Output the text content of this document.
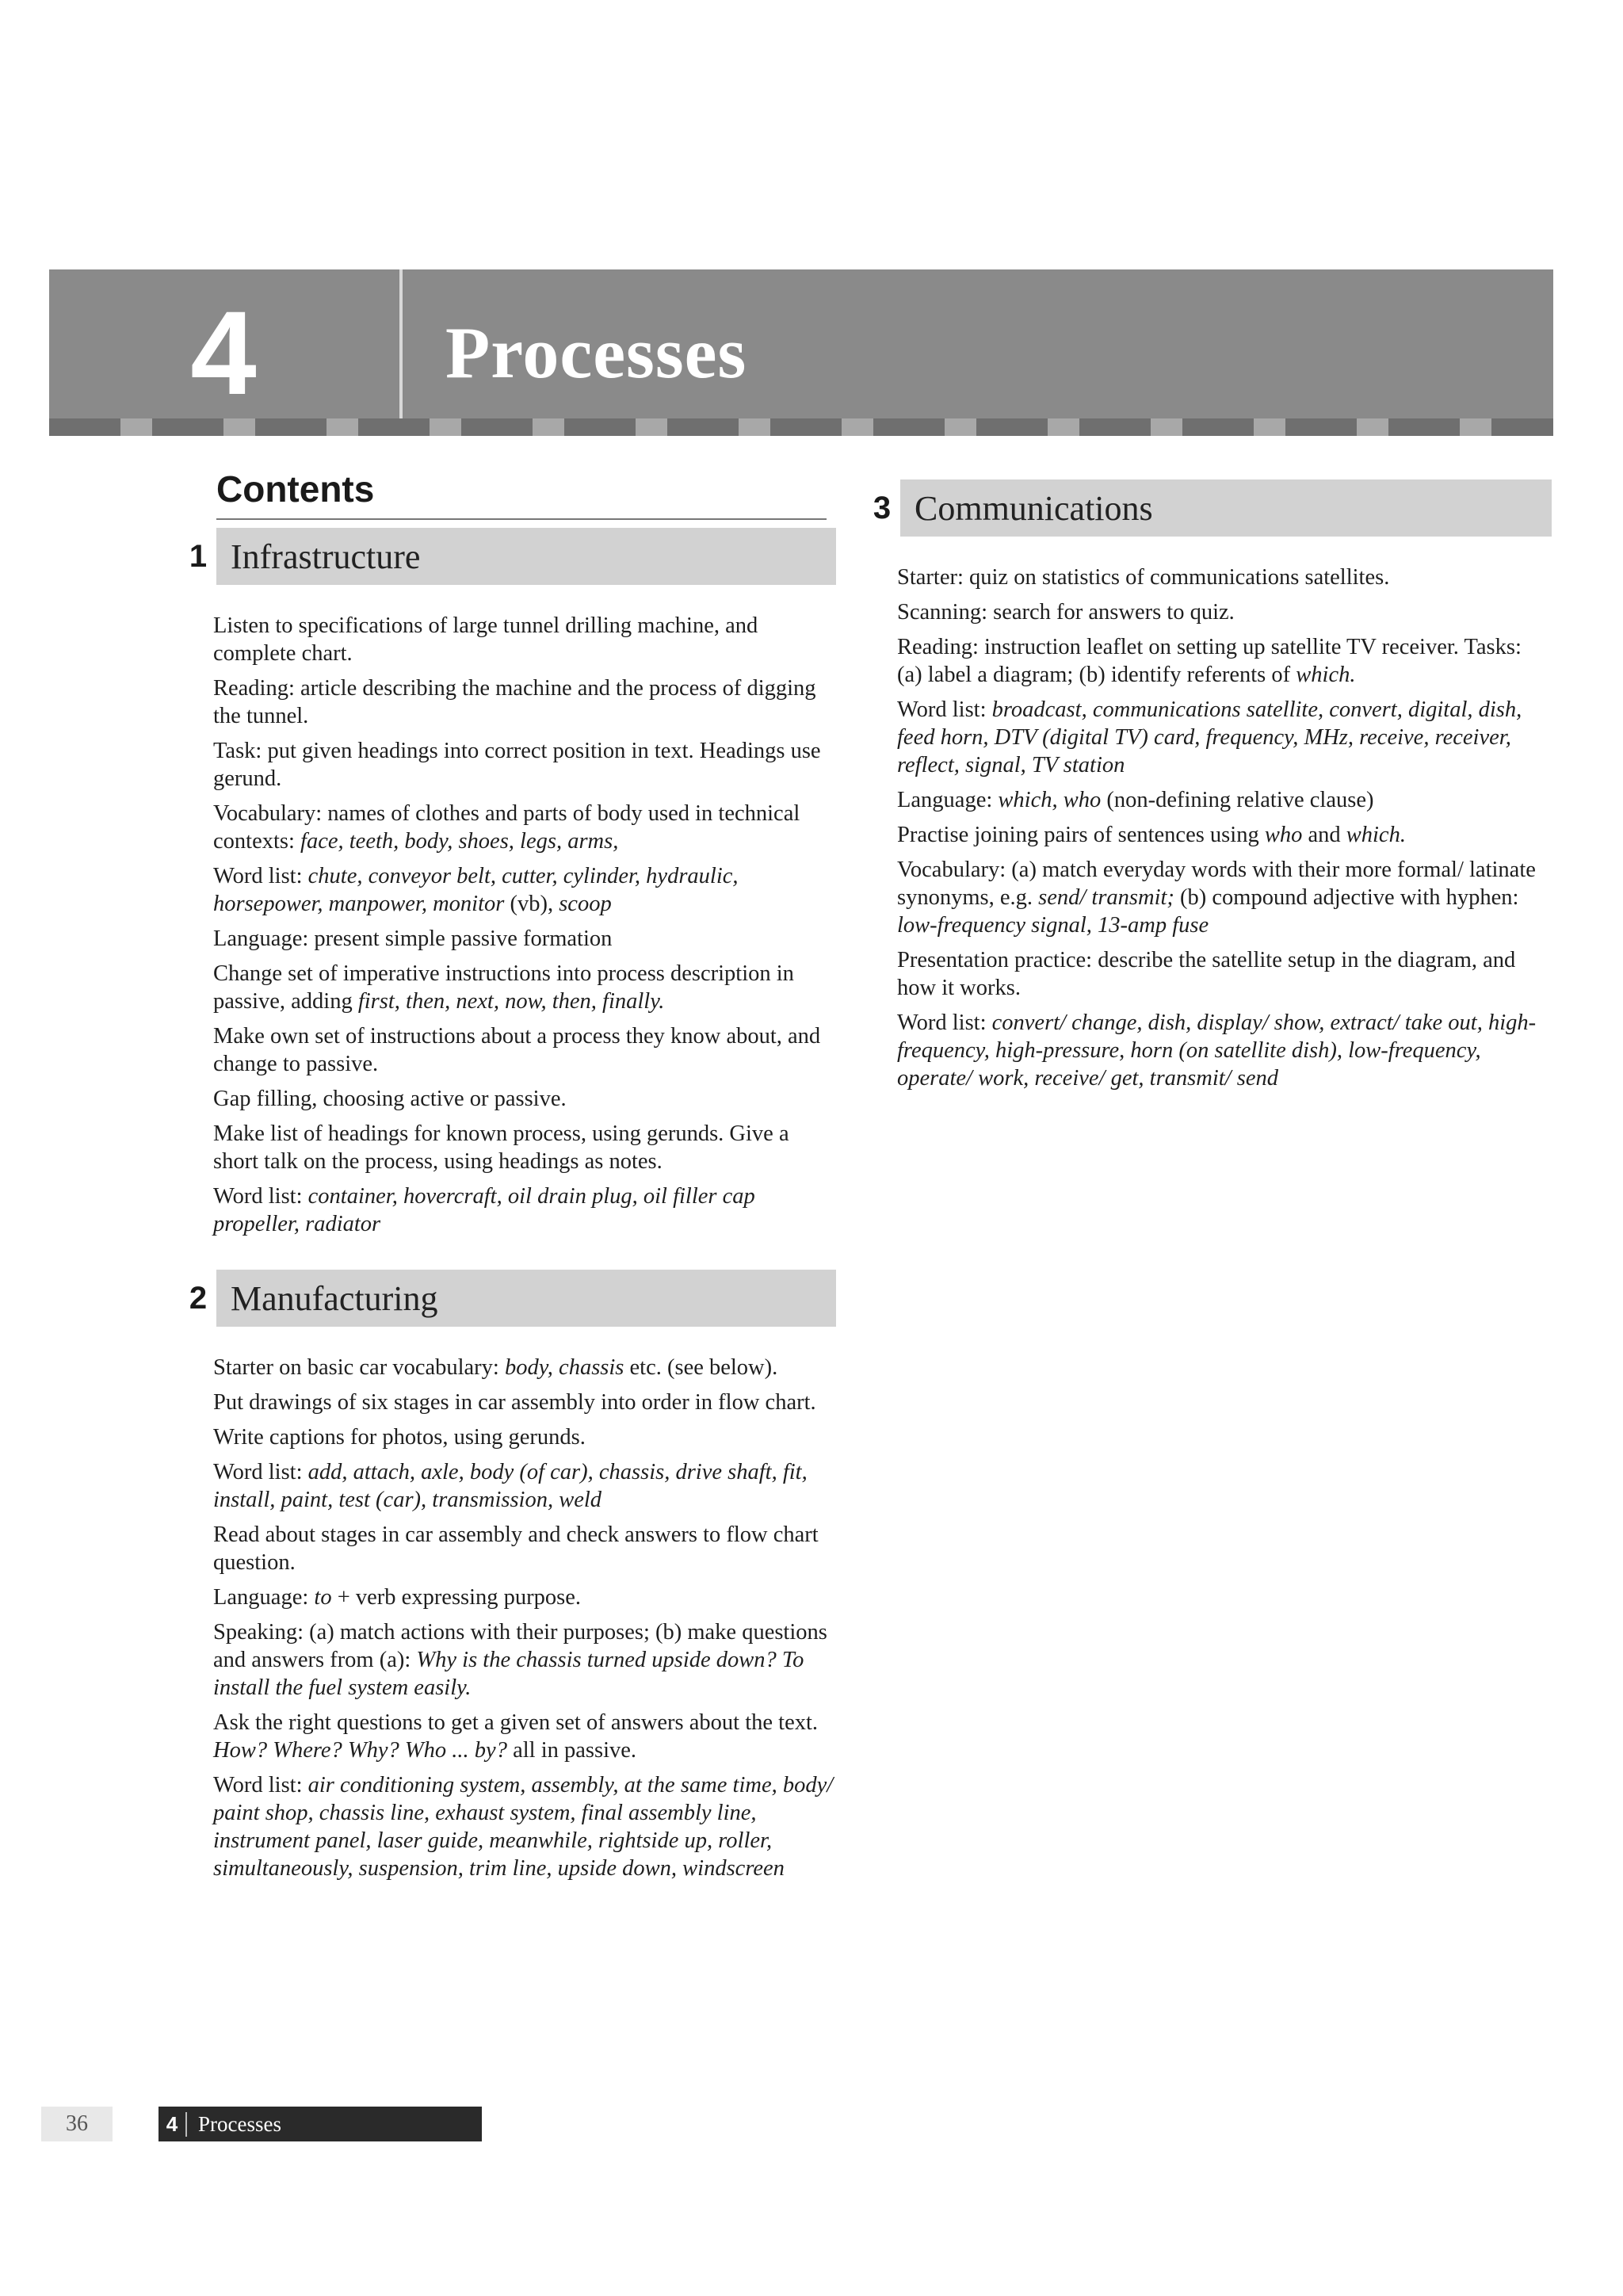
4	Processes
Contents
1 Infrastructure
Listen to specifications of large tunnel drilling machine, and complete chart.
Reading: article describing the machine and the process of digging the tunnel.
Task: put given headings into correct position in text. Headings use gerund.
Vocabulary: names of clothes and parts of body used in technical contexts: face, teeth, body, shoes, legs, arms,
Word list: chute, conveyor belt, cutter, cylinder, hydraulic, horsepower, manpower, monitor (vb), scoop
Language: present simple passive formation
Change set of imperative instructions into process description in passive, adding first, then, next, now, then, finally.
Make own set of instructions about a process they know about, and change to passive.
Gap filling, choosing active or passive.
Make list of headings for known process, using gerunds. Give a short talk on the process, using headings as notes.
Word list: container, hovercraft, oil drain plug, oil filler cap propeller, radiator
2 Manufacturing
Starter on basic car vocabulary: body, chassis etc. (see below).
Put drawings of six stages in car assembly into order in flow chart.
Write captions for photos, using gerunds.
Word list: add, attach, axle, body (of car), chassis, drive shaft, fit, install, paint, test (car), transmission, weld
Read about stages in car assembly and check answers to flow chart question.
Language: to + verb expressing purpose.
Speaking: (a) match actions with their purposes; (b) make questions and answers from (a): Why is the chassis turned upside down? To install the fuel system easily.
Ask the right questions to get a given set of answers about the text. How? Where? Why? Who ... by? all in passive.
Word list: air conditioning system, assembly, at the same time, body/ paint shop, chassis line, exhaust system, final assembly line, instrument panel, laser guide, meanwhile, rightside up, roller, simultaneously, suspension, trim line, upside down, windscreen
3 Communications
Starter: quiz on statistics of communications satellites.
Scanning: search for answers to quiz.
Reading: instruction leaflet on setting up satellite TV receiver. Tasks: (a) label a diagram; (b) identify referents of which.
Word list: broadcast, communications satellite, convert, digital, dish, feed horn, DTV (digital TV) card, frequency, MHz, receive, receiver, reflect, signal, TV station
Language: which, who (non-defining relative clause)
Practise joining pairs of sentences using who and which.
Vocabulary: (a) match everyday words with their more formal/ latinate synonyms, e.g. send/ transmit; (b) compound adjective with hyphen: low-frequency signal, 13-amp fuse
Presentation practice: describe the satellite setup in the diagram, and how it works.
Word list: convert/ change, dish, display/ show, extract/ take out, high-frequency, high-pressure, horn (on satellite dish), low-frequency, operate/ work, receive/ get, transmit/ send
36	4 Processes
